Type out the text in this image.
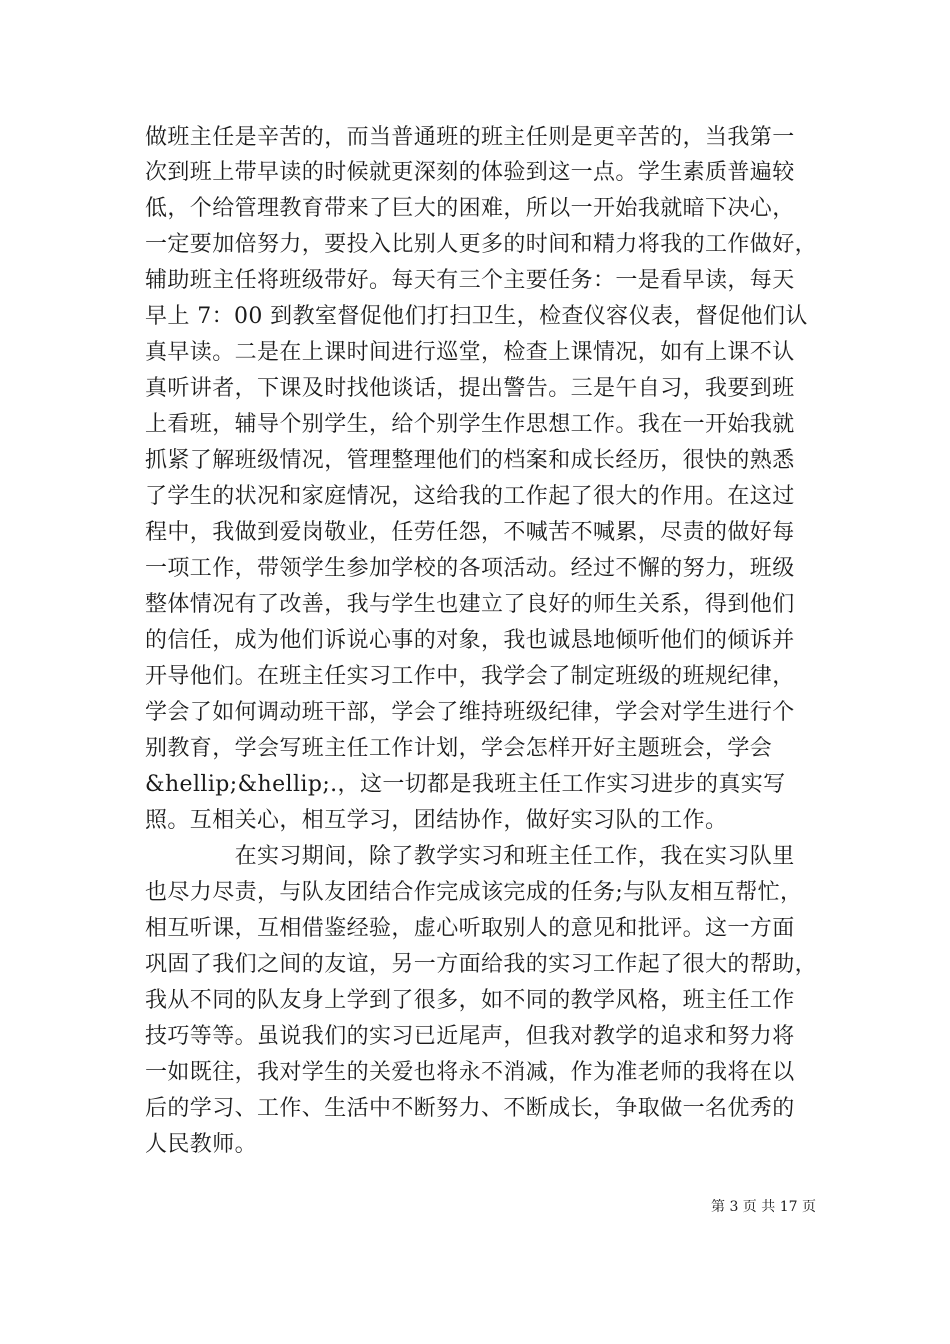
做班主任是辛苦的，而当普通班的班主任则是更辛苦的，当我第一
次到班上带早读的时候就更深刻的体验到这一点。学生素质普遍较
低，个给管理教育带来了巨大的困难，所以一开始我就暗下决心，
一定要加倍努力，要投入比别人更多的时间和精力将我的工作做好，
辅助班主任将班级带好。每天有三个主要任务：一是看早读，每天
早上 7：00 到教室督促他们打扫卫生，检查仪容仪表，督促他们认
真早读。二是在上课时间进行巡堂，检查上课情况，如有上课不认
真听讲者，下课及时找他谈话，提出警告。三是午自习，我要到班
上看班，辅导个别学生，给个别学生作思想工作。我在一开始我就
抓紧了解班级情况，管理整理他们的档案和成长经历，很快的熟悉
了学生的状况和家庭情况，这给我的工作起了很大的作用。在这过
程中，我做到爱岗敬业，任劳任怨，不喊苦不喊累，尽责的做好每
一项工作，带领学生参加学校的各项活动。经过不懈的努力，班级
整体情况有了改善，我与学生也建立了良好的师生关系，得到他们
的信任，成为他们诉说心事的对象，我也诚恳地倾听他们的倾诉并
开导他们。在班主任实习工作中，我学会了制定班级的班规纪律，
学会了如何调动班干部，学会了维持班级纪律，学会对学生进行个
别教育，学会写班主任工作计划，学会怎样开好主题班会，学会
&hellip;&hellip;.，这一切都是我班主任工作实习进步的真实写
照。互相关心，相互学习，团结协作，做好实习队的工作。
　　　　在实习期间，除了教学实习和班主任工作，我在实习队里
也尽力尽责，与队友团结合作完成该完成的任务;与队友相互帮忙，
相互听课，互相借鉴经验，虚心听取别人的意见和批评。这一方面
巩固了我们之间的友谊，另一方面给我的实习工作起了很大的帮助，
我从不同的队友身上学到了很多，如不同的教学风格，班主任工作
技巧等等。虽说我们的实习已近尾声，但我对教学的追求和努力将
一如既往，我对学生的关爱也将永不消减，作为准老师的我将在以
后的学习、工作、生活中不断努力、不断成长，争取做一名优秀的
人民教师。
第 3 页 共 17 页
